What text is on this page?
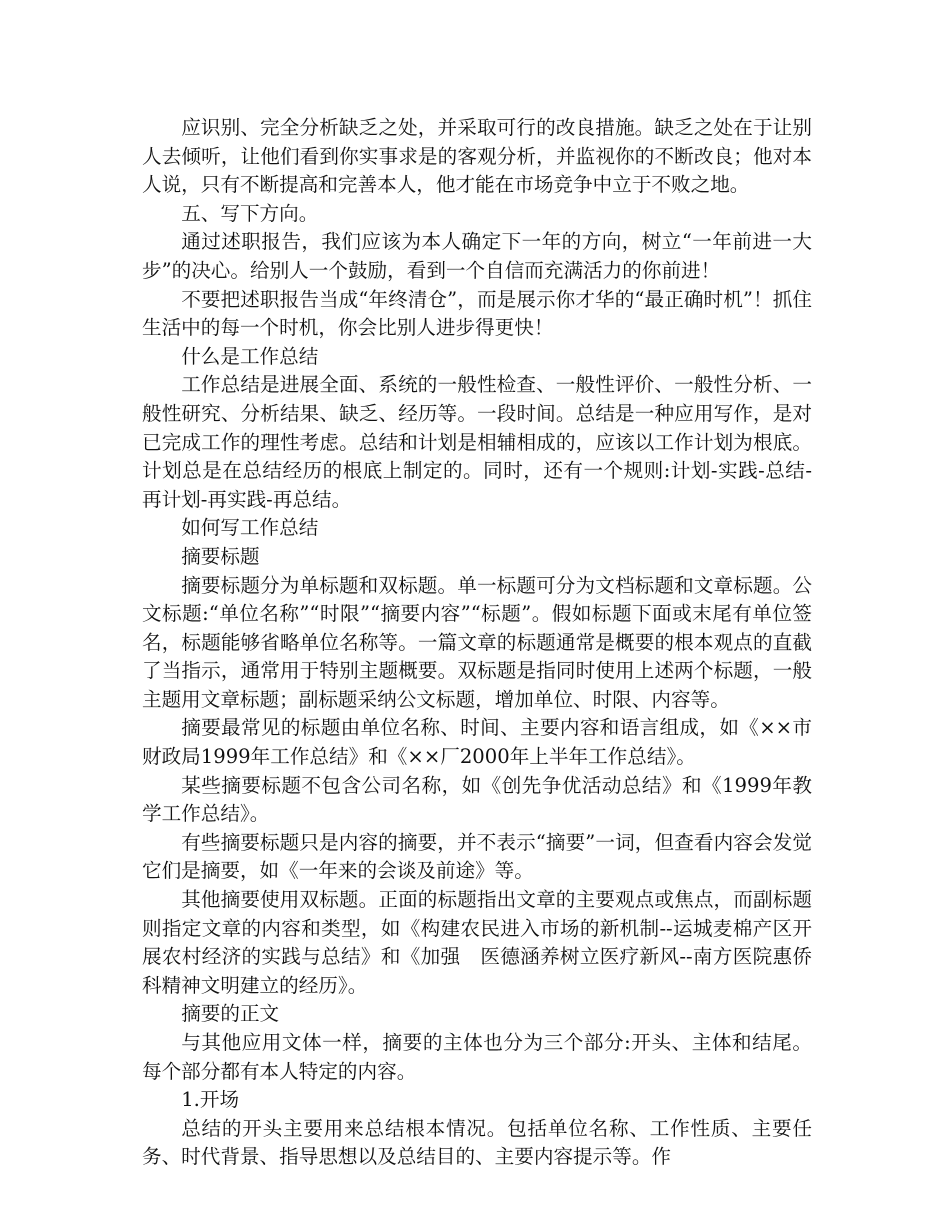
应识别、完全分析缺乏之处，并采取可行的改良措施。缺乏之处在于让别人去倾听，让他们看到你实事求是的客观分析，并监视你的不断改良；他对本人说，只有不断提高和完善本人，他才能在市场竞争中立于不败之地。

五、写下方向。

通过述职报告，我们应该为本人确定下一年的方向，树立“一年前进一大步”的决心。给别人一个鼓励，看到一个自信而充满活力的你前进！

不要把述职报告当成“年终清仓”，而是展示你才华的“最正确时机”！抓住生活中的每一个时机，你会比别人进步得更快！

什么是工作总结

工作总结是进展全面、系统的一般性检查、一般性评价、一般性分析、一般性研究、分析结果、缺乏、经历等。一段时间。总结是一种应用写作，是对已完成工作的理性考虑。总结和计划是相辅相成的，应该以工作计划为根底。计划总是在总结经历的根底上制定的。同时，还有一个规则:计划-实践-总结-再计划-再实践-再总结。

如何写工作总结

摘要标题

摘要标题分为单标题和双标题。单一标题可分为文档标题和文章标题。公文标题:“单位名称”“时限”“摘要内容”“标题”。假如标题下面或末尾有单位签名，标题能够省略单位名称等。一篇文章的标题通常是概要的根本观点的直截了当指示，通常用于特别主题概要。双标题是指同时使用上述两个标题，一般主题用文章标题；副标题采纳公文标题，增加单位、时限、内容等。

摘要最常见的标题由单位名称、时间、主要内容和语言组成，如《××市财政局1999年工作总结》和《××厂2000年上半年工作总结》。

某些摘要标题不包含公司名称，如《创先争优活动总结》和《1999年教学工作总结》。

有些摘要标题只是内容的摘要，并不表示“摘要”一词，但查看内容会发觉它们是摘要，如《一年来的会谈及前途》等。

其他摘要使用双标题。正面的标题指出文章的主要观点或焦点，而副标题则指定文章的内容和类型，如《构建农民进入市场的新机制--运城麦棉产区开展农村经济的实践与总结》和《加强　医德涵养树立医疗新风--南方医院惠侨科精神文明建立的经历》。

摘要的正文

与其他应用文体一样，摘要的主体也分为三个部分:开头、主体和结尾。每个部分都有本人特定的内容。

1.开场

总结的开头主要用来总结根本情况。包括单位名称、工作性质、主要任务、时代背景、指导思想以及总结目的、主要内容提示等。作
